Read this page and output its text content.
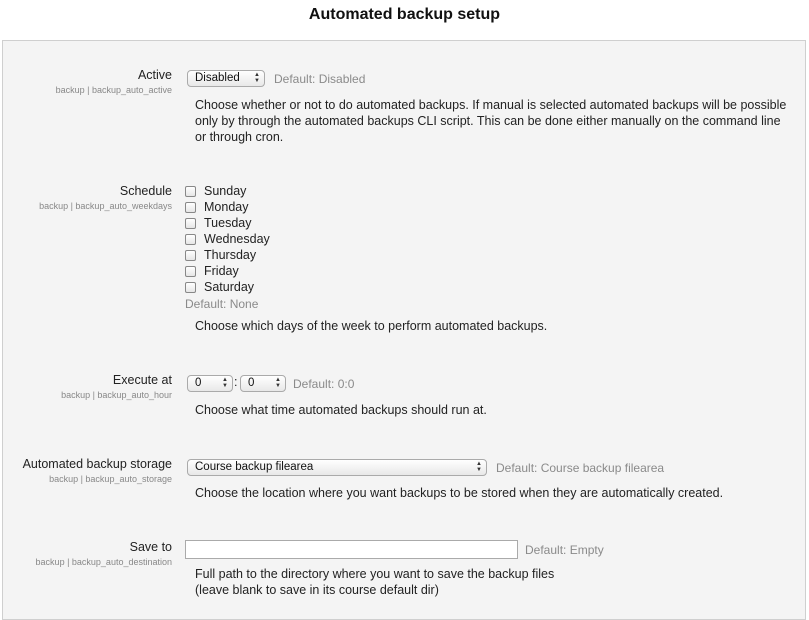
Automated backup setup
Active
backup | backup_auto_active
Disabled ▲
▼ Default: Disabled
Choose whether or not to do automated backups. If manual is selected automated backups will be possible only by through the automated backups CLI script. This can be done either manually on the command line or through cron.
Schedule
backup | backup_auto_weekdays
Sunday
Monday
Tuesday
Wednesday
Thursday
Friday
Saturday
Default: None
Choose which days of the week to perform automated backups.
Execute at
backup | backup_auto_hour
0	▲
▼ : 0	▲
▼ Default: 0:0
Choose what time automated backups should run at.
Automated backup storage
backup | backup_auto_storage
Course backup filearea	▲
▼ Default: Course backup filearea
Choose the location where you want backups to be stored when they are automatically created.
Save to
backup | backup_auto_destination
Default: Empty
Full path to the directory where you want to save the backup files
(leave blank to save in its course default dir)
